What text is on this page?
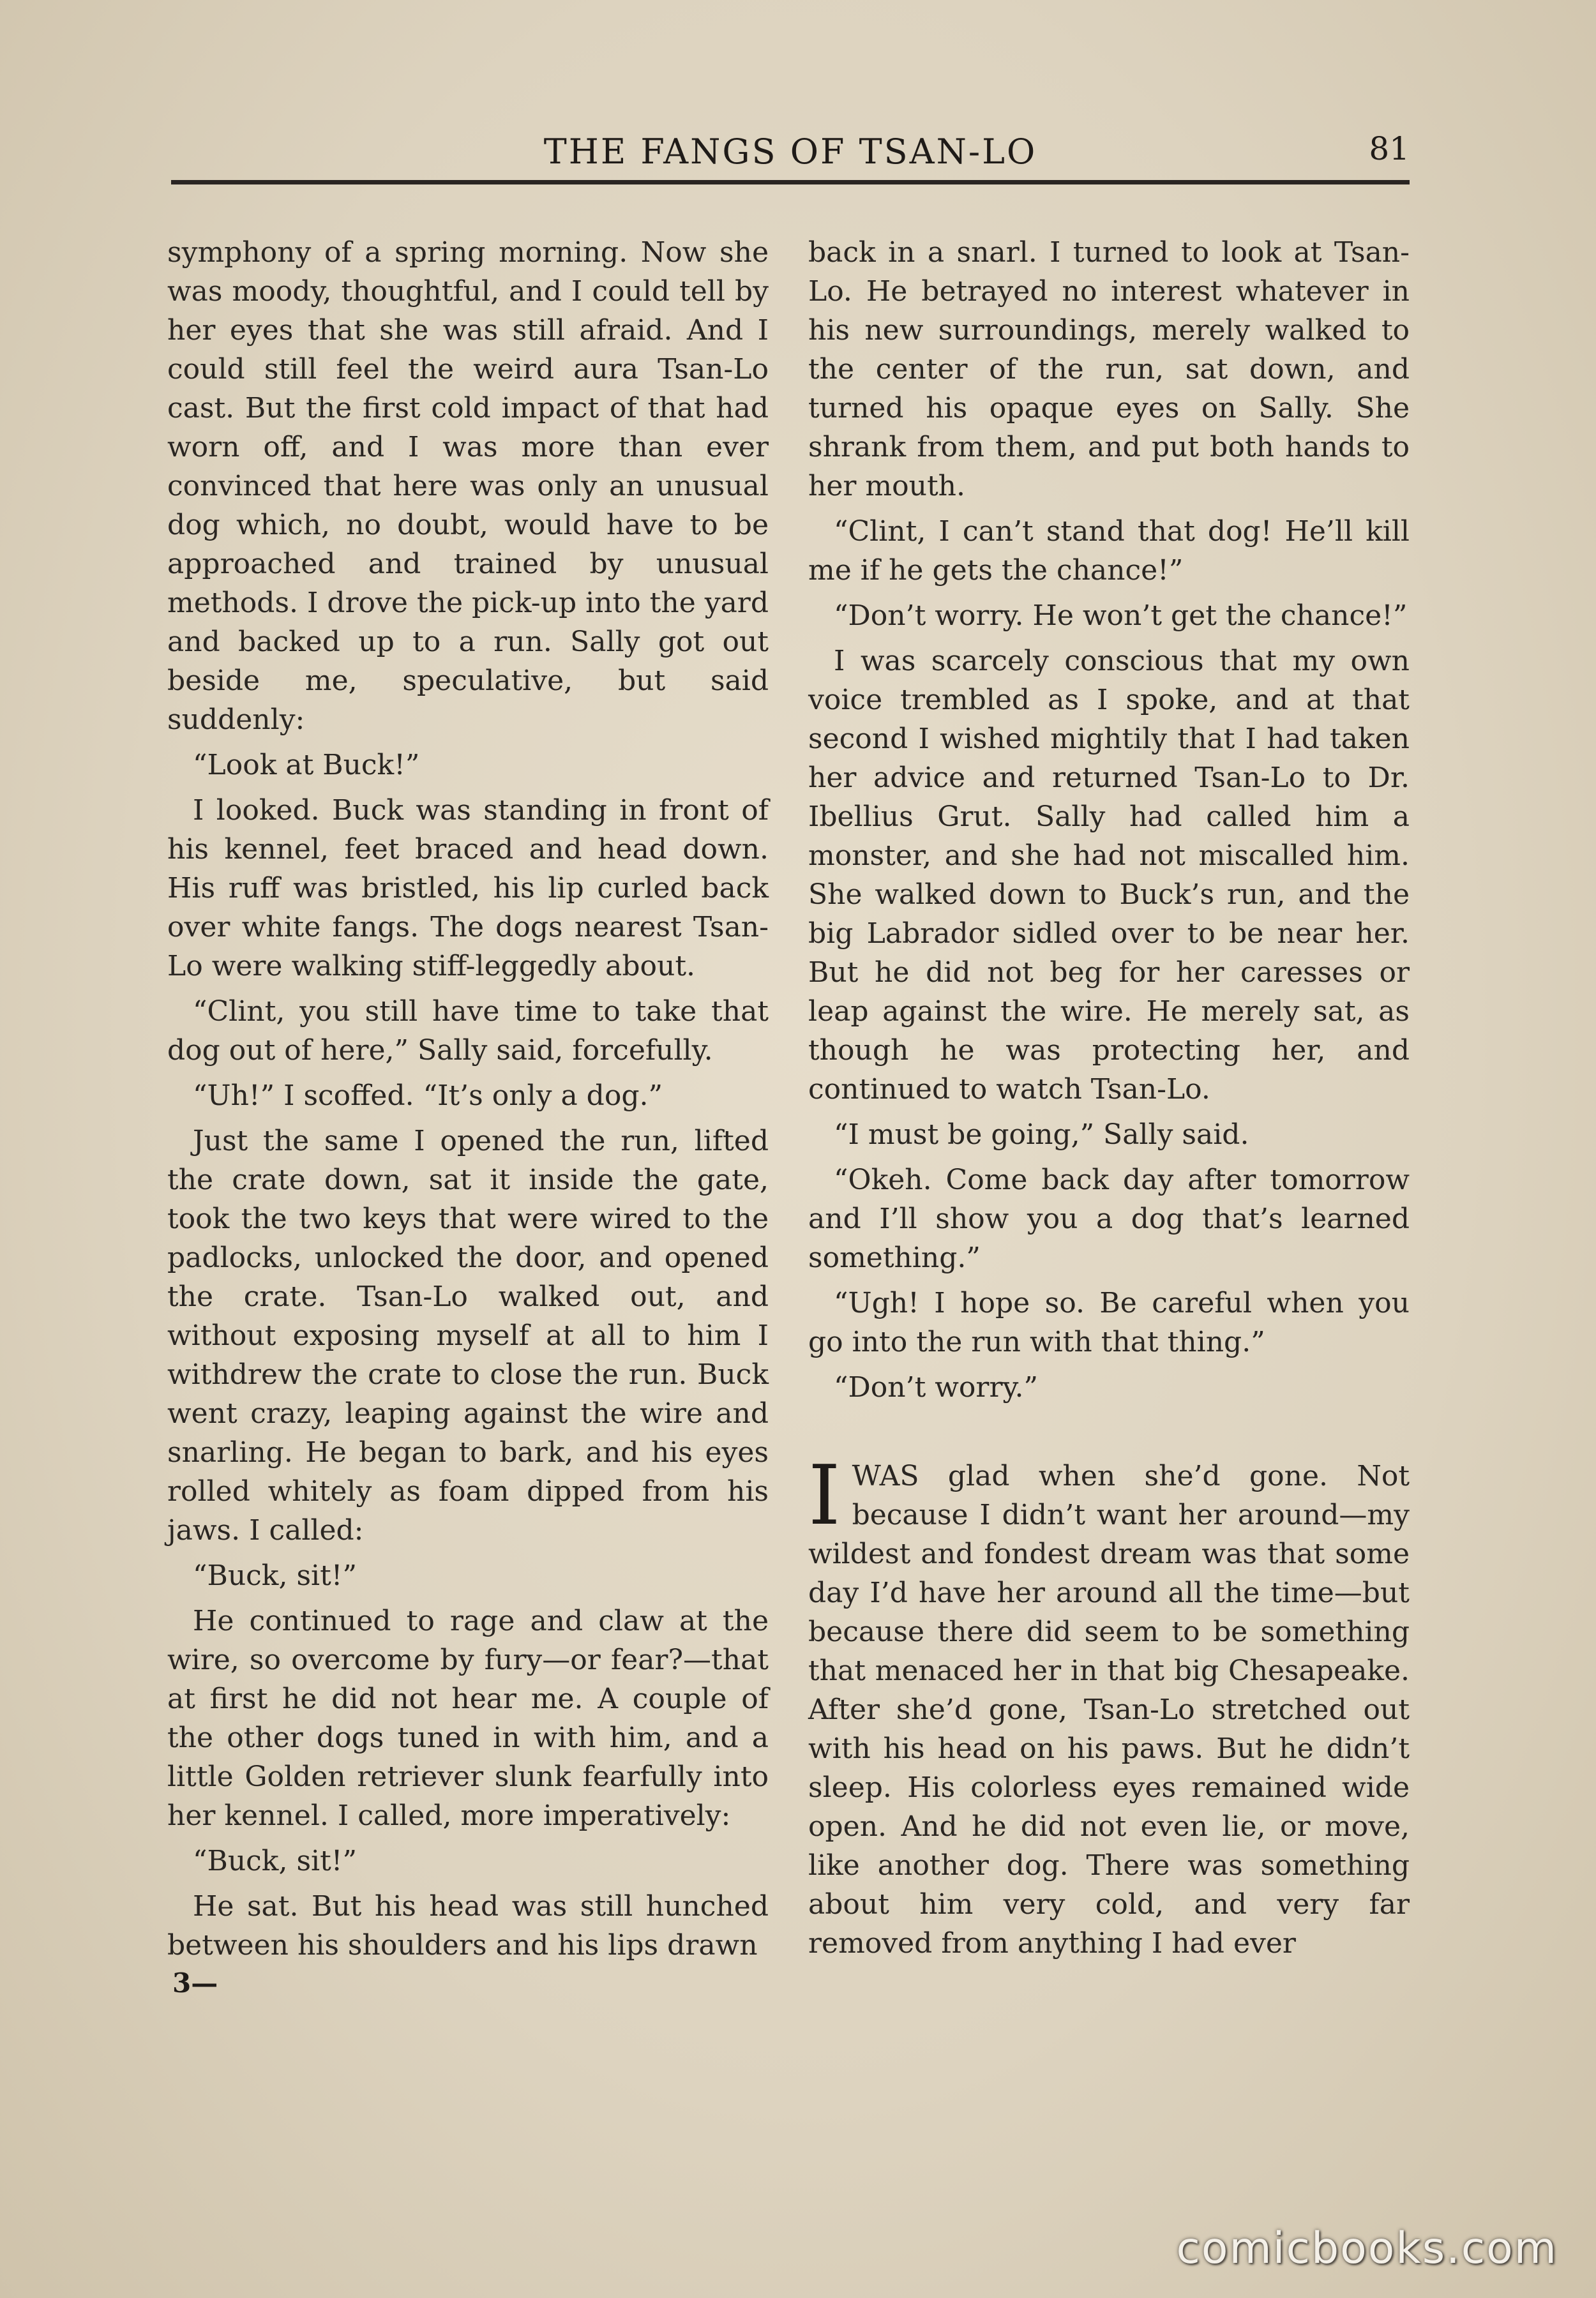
THE FANGS OF TSAN-LO	81

symphony of a spring morning. Now she was moody, thoughtful, and I could tell by her eyes that she was still afraid. And I could still feel the weird aura Tsan-Lo cast. But the first cold impact of that had worn off, and I was more than ever convinced that here was only an unusual dog which, no doubt, would have to be approached and trained by unusual methods. I drove the pick-up into the yard and backed up to a run. Sally got out beside me, speculative, but said suddenly:

“Look at Buck!”

I looked. Buck was standing in front of his kennel, feet braced and head down. His ruff was bristled, his lip curled back over white fangs. The dogs nearest Tsan-Lo were walking stiff-leggedly about.

“Clint, you still have time to take that dog out of here,” Sally said, forcefully.

“Uh!” I scoffed. “It’s only a dog.”

Just the same I opened the run, lifted the crate down, sat it inside the gate, took the two keys that were wired to the padlocks, unlocked the door, and opened the crate. Tsan-Lo walked out, and without exposing myself at all to him I withdrew the crate to close the run. Buck went crazy, leaping against the wire and snarling. He began to bark, and his eyes rolled whitely as foam dipped from his jaws. I called:

“Buck, sit!”

He continued to rage and claw at the wire, so overcome by fury—or fear?—that at first he did not hear me. A couple of the other dogs tuned in with him, and a little Golden retriever slunk fearfully into her kennel. I called, more imperatively:

“Buck, sit!”

He sat. But his head was still hunched between his shoulders and his lips drawn

back in a snarl. I turned to look at Tsan-Lo. He betrayed no interest whatever in his new surroundings, merely walked to the center of the run, sat down, and turned his opaque eyes on Sally. She shrank from them, and put both hands to her mouth.

“Clint, I can’t stand that dog! He’ll kill me if he gets the chance!”

“Don’t worry. He won’t get the chance!”

I was scarcely conscious that my own voice trembled as I spoke, and at that second I wished mightily that I had taken her advice and returned Tsan-Lo to Dr. Ibellius Grut. Sally had called him a monster, and she had not miscalled him. She walked down to Buck’s run, and the big Labrador sidled over to be near her. But he did not beg for her caresses or leap against the wire. He merely sat, as though he was protecting her, and continued to watch Tsan-Lo.

“I must be going,” Sally said.

“Okeh. Come back day after tomorrow and I’ll show you a dog that’s learned something.”

“Ugh! I hope so. Be careful when you go into the run with that thing.”

“Don’t worry.”

IWAS glad when she’d gone. Not because I didn’t want her around—my wildest and fondest dream was that some day I’d have her around all the time—but because there did seem to be something that menaced her in that big Chesapeake. After she’d gone, Tsan-Lo stretched out with his head on his paws. But he didn’t sleep. His colorless eyes remained wide open. And he did not even lie, or move, like another dog. There was something about him very cold, and very far removed from anything I had ever

3—
comicbooks.com
